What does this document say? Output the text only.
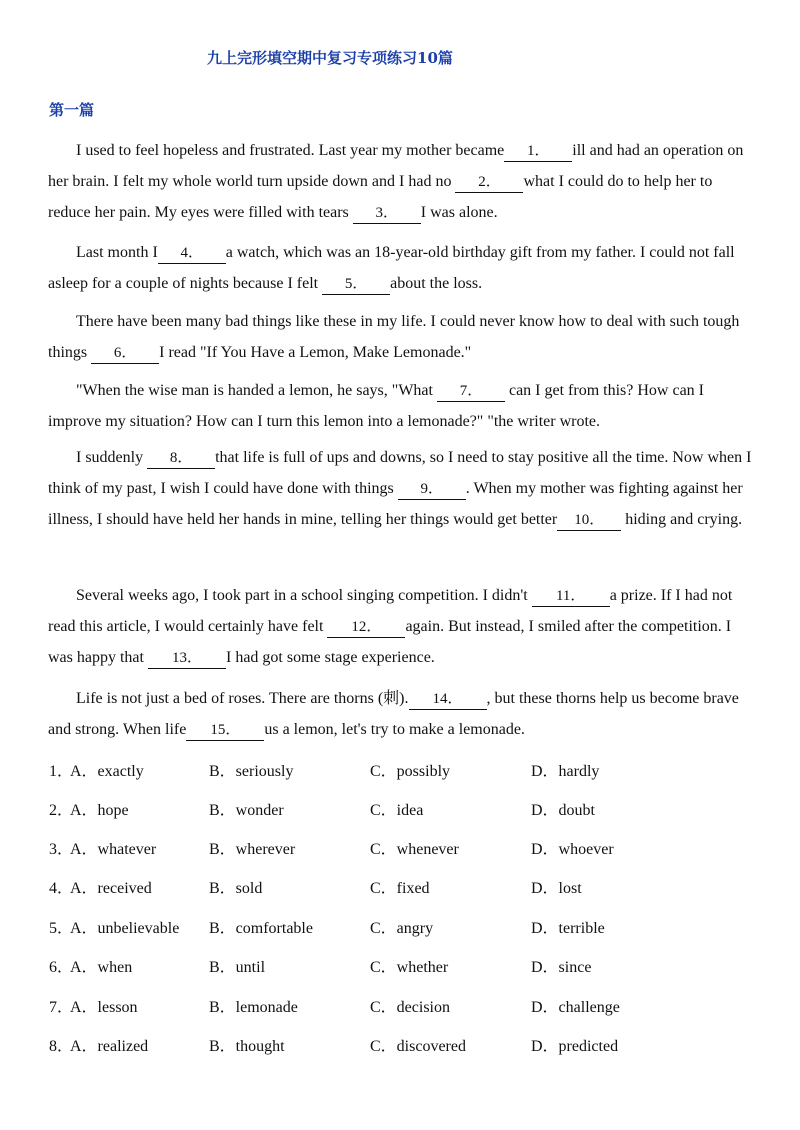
九上完形填空期中复习专项练习10篇
第一篇

I used to feel hopeless and frustrated. Last year my mother became 1． ill and had an operation on her brain. I felt my whole world turn upside down and I had no 2． what I could do to help her to reduce her pain. My eyes were filled with tears 3． I was alone.

Last month I 4． a watch, which was an 18-year-old birthday gift from my father. I could not fall asleep for a couple of nights because I felt 5． about the loss.

There have been many bad things like these in my life. I could never know how to deal with such tough things 6． I read "If You Have a Lemon, Make Lemonade."

"When the wise man is handed a lemon, he says, "What 7． can I get from this? How can I improve my situation? How can I turn this lemon into a lemonade?" "the writer wrote.

I suddenly 8． that life is full of ups and downs, so I need to stay positive all the time. Now when I think of my past, I wish I could have done with things 9． . When my mother was fighting against her illness, I should have held her hands in mine, telling her things would get better 10． hiding and crying.

Several weeks ago, I took part in a school singing competition. I didn't 11． a prize. If I had not read this article, I would certainly have felt 12． again. But instead, I smiled after the competition. I was happy that 13． I had got some stage experience.

Life is not just a bed of roses. There are thorns (刺). 14． , but these thorns help us become brave and strong. When life 15． us a lemon, let's try to make a lemonade.

1．
A．exactly	B．seriously	C．possibly	D．hardly
2．
A．hope	B．wonder	C．idea	D．doubt
3．
A．whatever	B．wherever	C．whenever	D．whoever
4．
A．received	B．sold	C．fixed	D．lost
5．
A．unbelievable B．comfortable	C．angry	D．terrible
6．
A．when	B．until	C．whether	D．since
7．
A．lesson	B．lemonade	C．decision	D．challenge
8．
A．realized	B．thought	C．discovered	D．predicted
